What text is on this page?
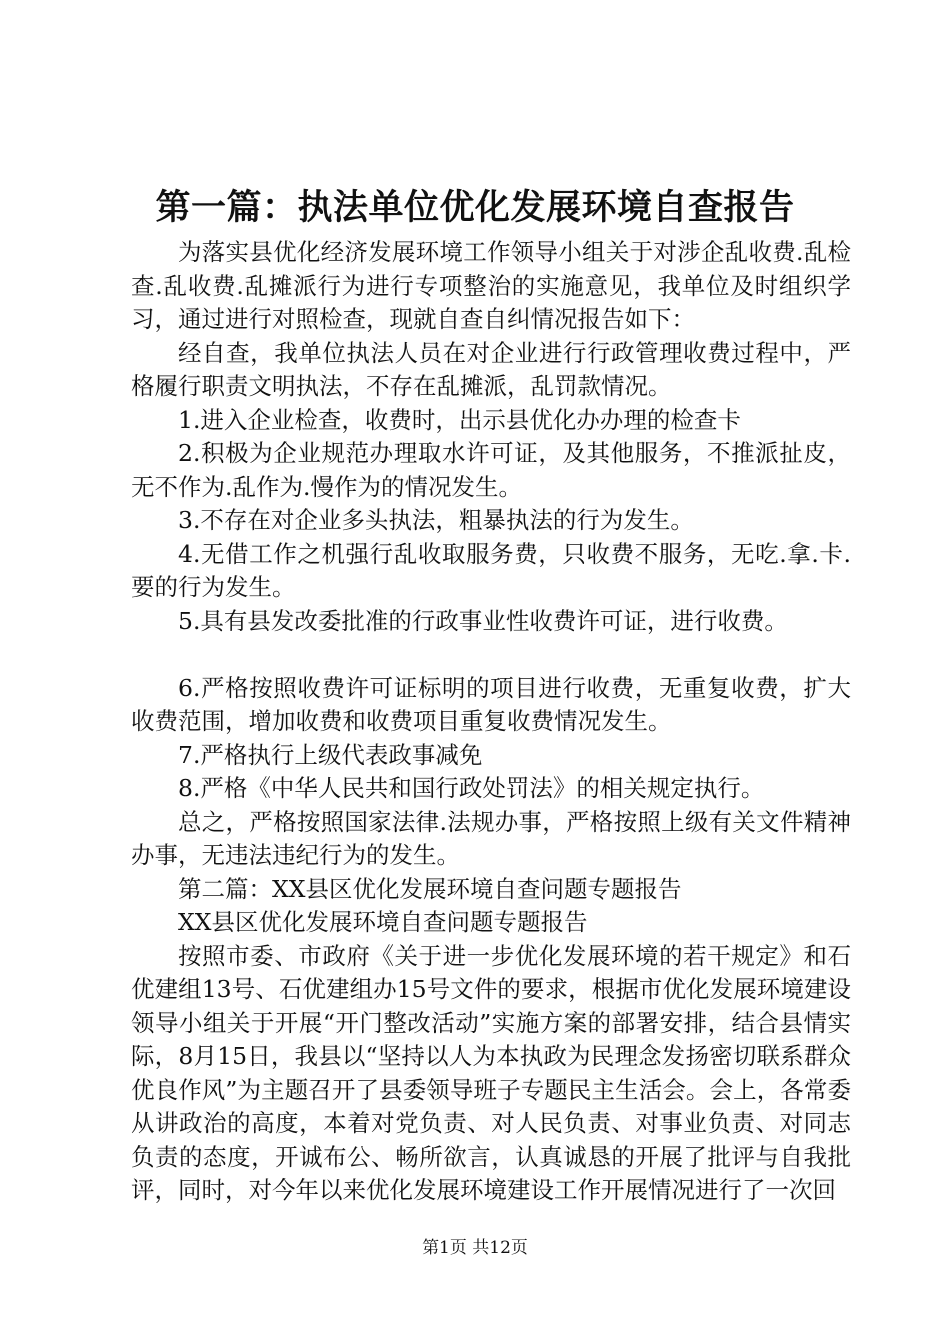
第一篇：执法单位优化发展环境自查报告

为落实县优化经济发展环境工作领导小组关于对涉企乱收费.乱检查.乱收费.乱摊派行为进行专项整治的实施意见，我单位及时组织学习，通过进行对照检查，现就自查自纠情况报告如下：

经自查，我单位执法人员在对企业进行行政管理收费过程中，严格履行职责文明执法，不存在乱摊派，乱罚款情况。

1.进入企业检查，收费时，出示县优化办办理的检查卡

2.积极为企业规范办理取水许可证，及其他服务，不推派扯皮，无不作为.乱作为.慢作为的情况发生。

3.不存在对企业多头执法，粗暴执法的行为发生。

4.无借工作之机强行乱收取服务费，只收费不服务，无吃.拿.卡.要的行为发生。

5.具有县发改委批准的行政事业性收费许可证，进行收费。

6.严格按照收费许可证标明的项目进行收费，无重复收费，扩大收费范围，增加收费和收费项目重复收费情况发生。

7.严格执行上级代表政事减免

8.严格《中华人民共和国行政处罚法》的相关规定执行。

总之，严格按照国家法律.法规办事，严格按照上级有关文件精神办事，无违法违纪行为的发生。

第二篇：XX县区优化发展环境自查问题专题报告

XX县区优化发展环境自查问题专题报告

按照市委、市政府《关于进一步优化发展环境的若干规定》和石优建组13号、石优建组办15号文件的要求，根据市优化发展环境建设领导小组关于开展“开门整改活动”实施方案的部署安排，结合县情实际，8月15日，我县以“坚持以人为本执政为民理念发扬密切联系群众优良作风”为主题召开了县委领导班子专题民主生活会。会上，各常委从讲政治的高度，本着对党负责、对人民负责、对事业负责、对同志负责的态度，开诚布公、畅所欲言，认真诚恳的开展了批评与自我批评，同时，对今年以来优化发展环境建设工作开展情况进行了一次回

第1页 共12页
